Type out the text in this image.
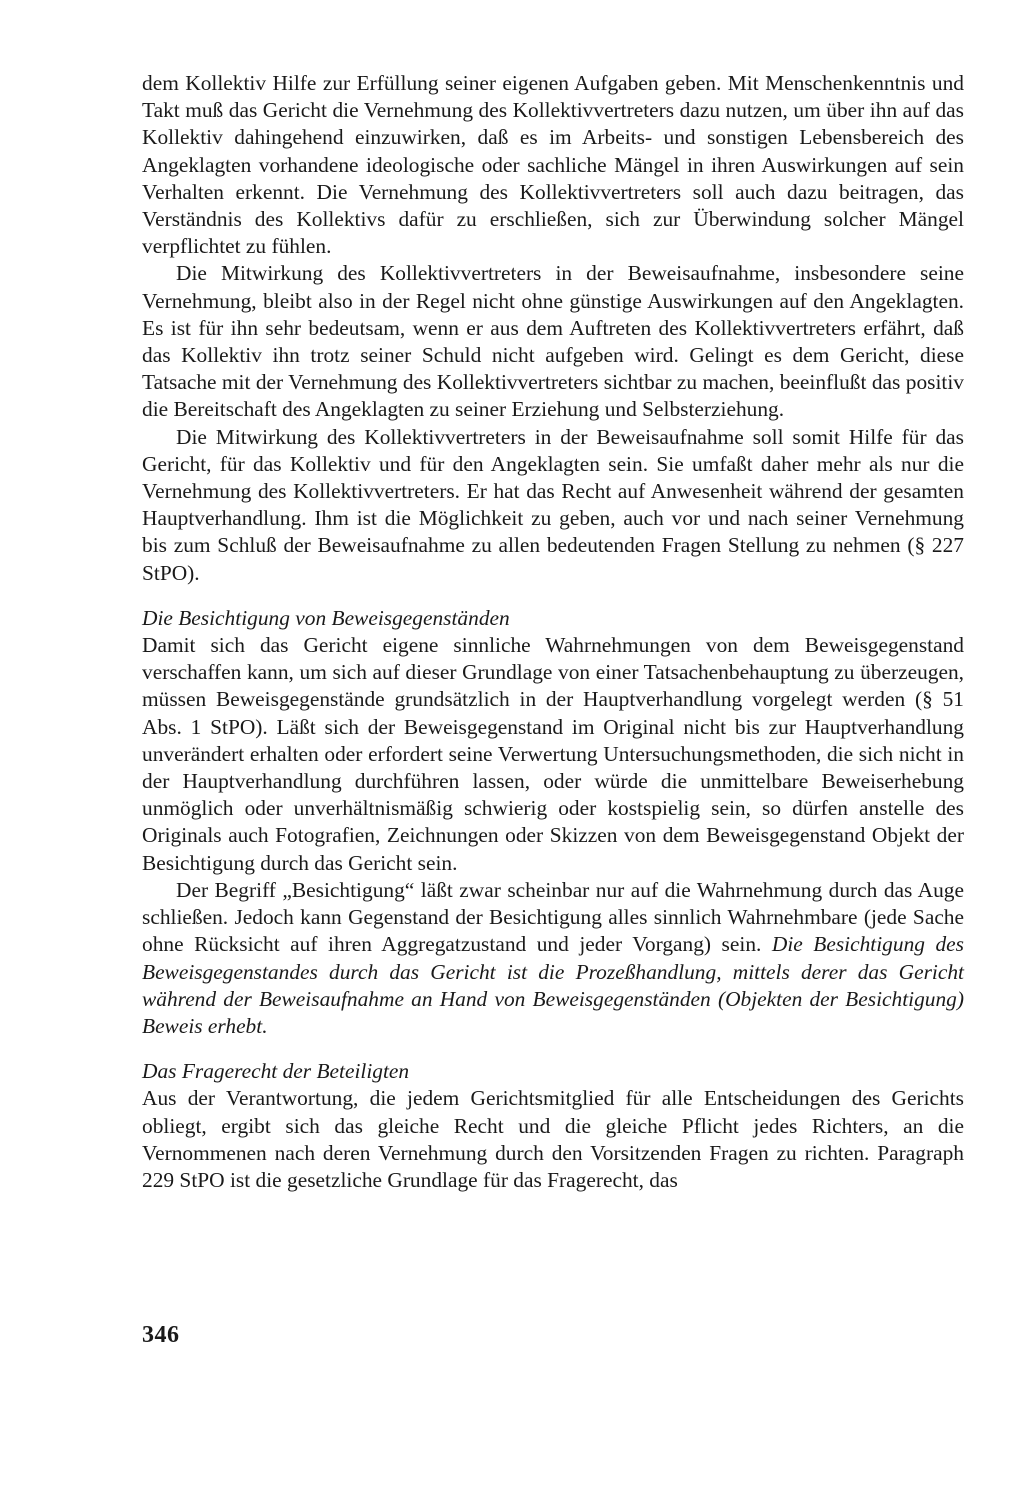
dem Kollektiv Hilfe zur Erfüllung seiner eigenen Aufgaben geben. Mit Menschenkenntnis und Takt muß das Gericht die Vernehmung des Kollektivvertreters dazu nutzen, um über ihn auf das Kollektiv dahingehend einzuwirken, daß es im Arbeits- und sonstigen Lebensbereich des Angeklagten vorhandene ideologische oder sachliche Mängel in ihren Auswirkungen auf sein Verhalten erkennt. Die Vernehmung des Kollektivvertreters soll auch dazu beitragen, das Verständnis des Kollektivs dafür zu erschließen, sich zur Überwindung solcher Mängel verpflichtet zu fühlen.

Die Mitwirkung des Kollektivvertreters in der Beweisaufnahme, insbesondere seine Vernehmung, bleibt also in der Regel nicht ohne günstige Auswirkungen auf den Angeklagten. Es ist für ihn sehr bedeutsam, wenn er aus dem Auftreten des Kollektivvertreters erfährt, daß das Kollektiv ihn trotz seiner Schuld nicht aufgeben wird. Gelingt es dem Gericht, diese Tatsache mit der Vernehmung des Kollektivvertreters sichtbar zu machen, beeinflußt das positiv die Bereitschaft des Angeklagten zu seiner Erziehung und Selbsterziehung.

Die Mitwirkung des Kollektivvertreters in der Beweisaufnahme soll somit Hilfe für das Gericht, für das Kollektiv und für den Angeklagten sein. Sie umfaßt daher mehr als nur die Vernehmung des Kollektivvertreters. Er hat das Recht auf Anwesenheit während der gesamten Hauptverhandlung. Ihm ist die Möglichkeit zu geben, auch vor und nach seiner Vernehmung bis zum Schluß der Beweisaufnahme zu allen bedeutenden Fragen Stellung zu nehmen (§ 227 StPO).

Die Besichtigung von Beweisgegenständen

Damit sich das Gericht eigene sinnliche Wahrnehmungen von dem Beweisgegenstand verschaffen kann, um sich auf dieser Grundlage von einer Tatsachenbehauptung zu überzeugen, müssen Beweisgegenstände grundsätzlich in der Hauptverhandlung vorgelegt werden (§ 51 Abs. 1 StPO). Läßt sich der Beweisgegenstand im Original nicht bis zur Hauptverhandlung unverändert erhalten oder erfordert seine Verwertung Untersuchungsmethoden, die sich nicht in der Hauptverhandlung durchführen lassen, oder würde die unmittelbare Beweiserhebung unmöglich oder unverhältnismäßig schwierig oder kostspielig sein, so dürfen anstelle des Originals auch Fotografien, Zeichnungen oder Skizzen von dem Beweisgegenstand Objekt der Besichtigung durch das Gericht sein.

Der Begriff „Besichtigung“ läßt zwar scheinbar nur auf die Wahrnehmung durch das Auge schließen. Jedoch kann Gegenstand der Besichtigung alles sinnlich Wahrnehmbare (jede Sache ohne Rücksicht auf ihren Aggregatzustand und jeder Vorgang) sein. Die Besichtigung des Beweisgegenstandes durch das Gericht ist die Prozeßhandlung, mittels derer das Gericht während der Beweisaufnahme an Hand von Beweisgegenständen (Objekten der Besichtigung) Beweis erhebt.

Das Fragerecht der Beteiligten

Aus der Verantwortung, die jedem Gerichtsmitglied für alle Entscheidungen des Gerichts obliegt, ergibt sich das gleiche Recht und die gleiche Pflicht jedes Richters, an die Vernommenen nach deren Vernehmung durch den Vorsitzenden Fragen zu richten. Paragraph 229 StPO ist die gesetzliche Grundlage für das Fragerecht, das

346
